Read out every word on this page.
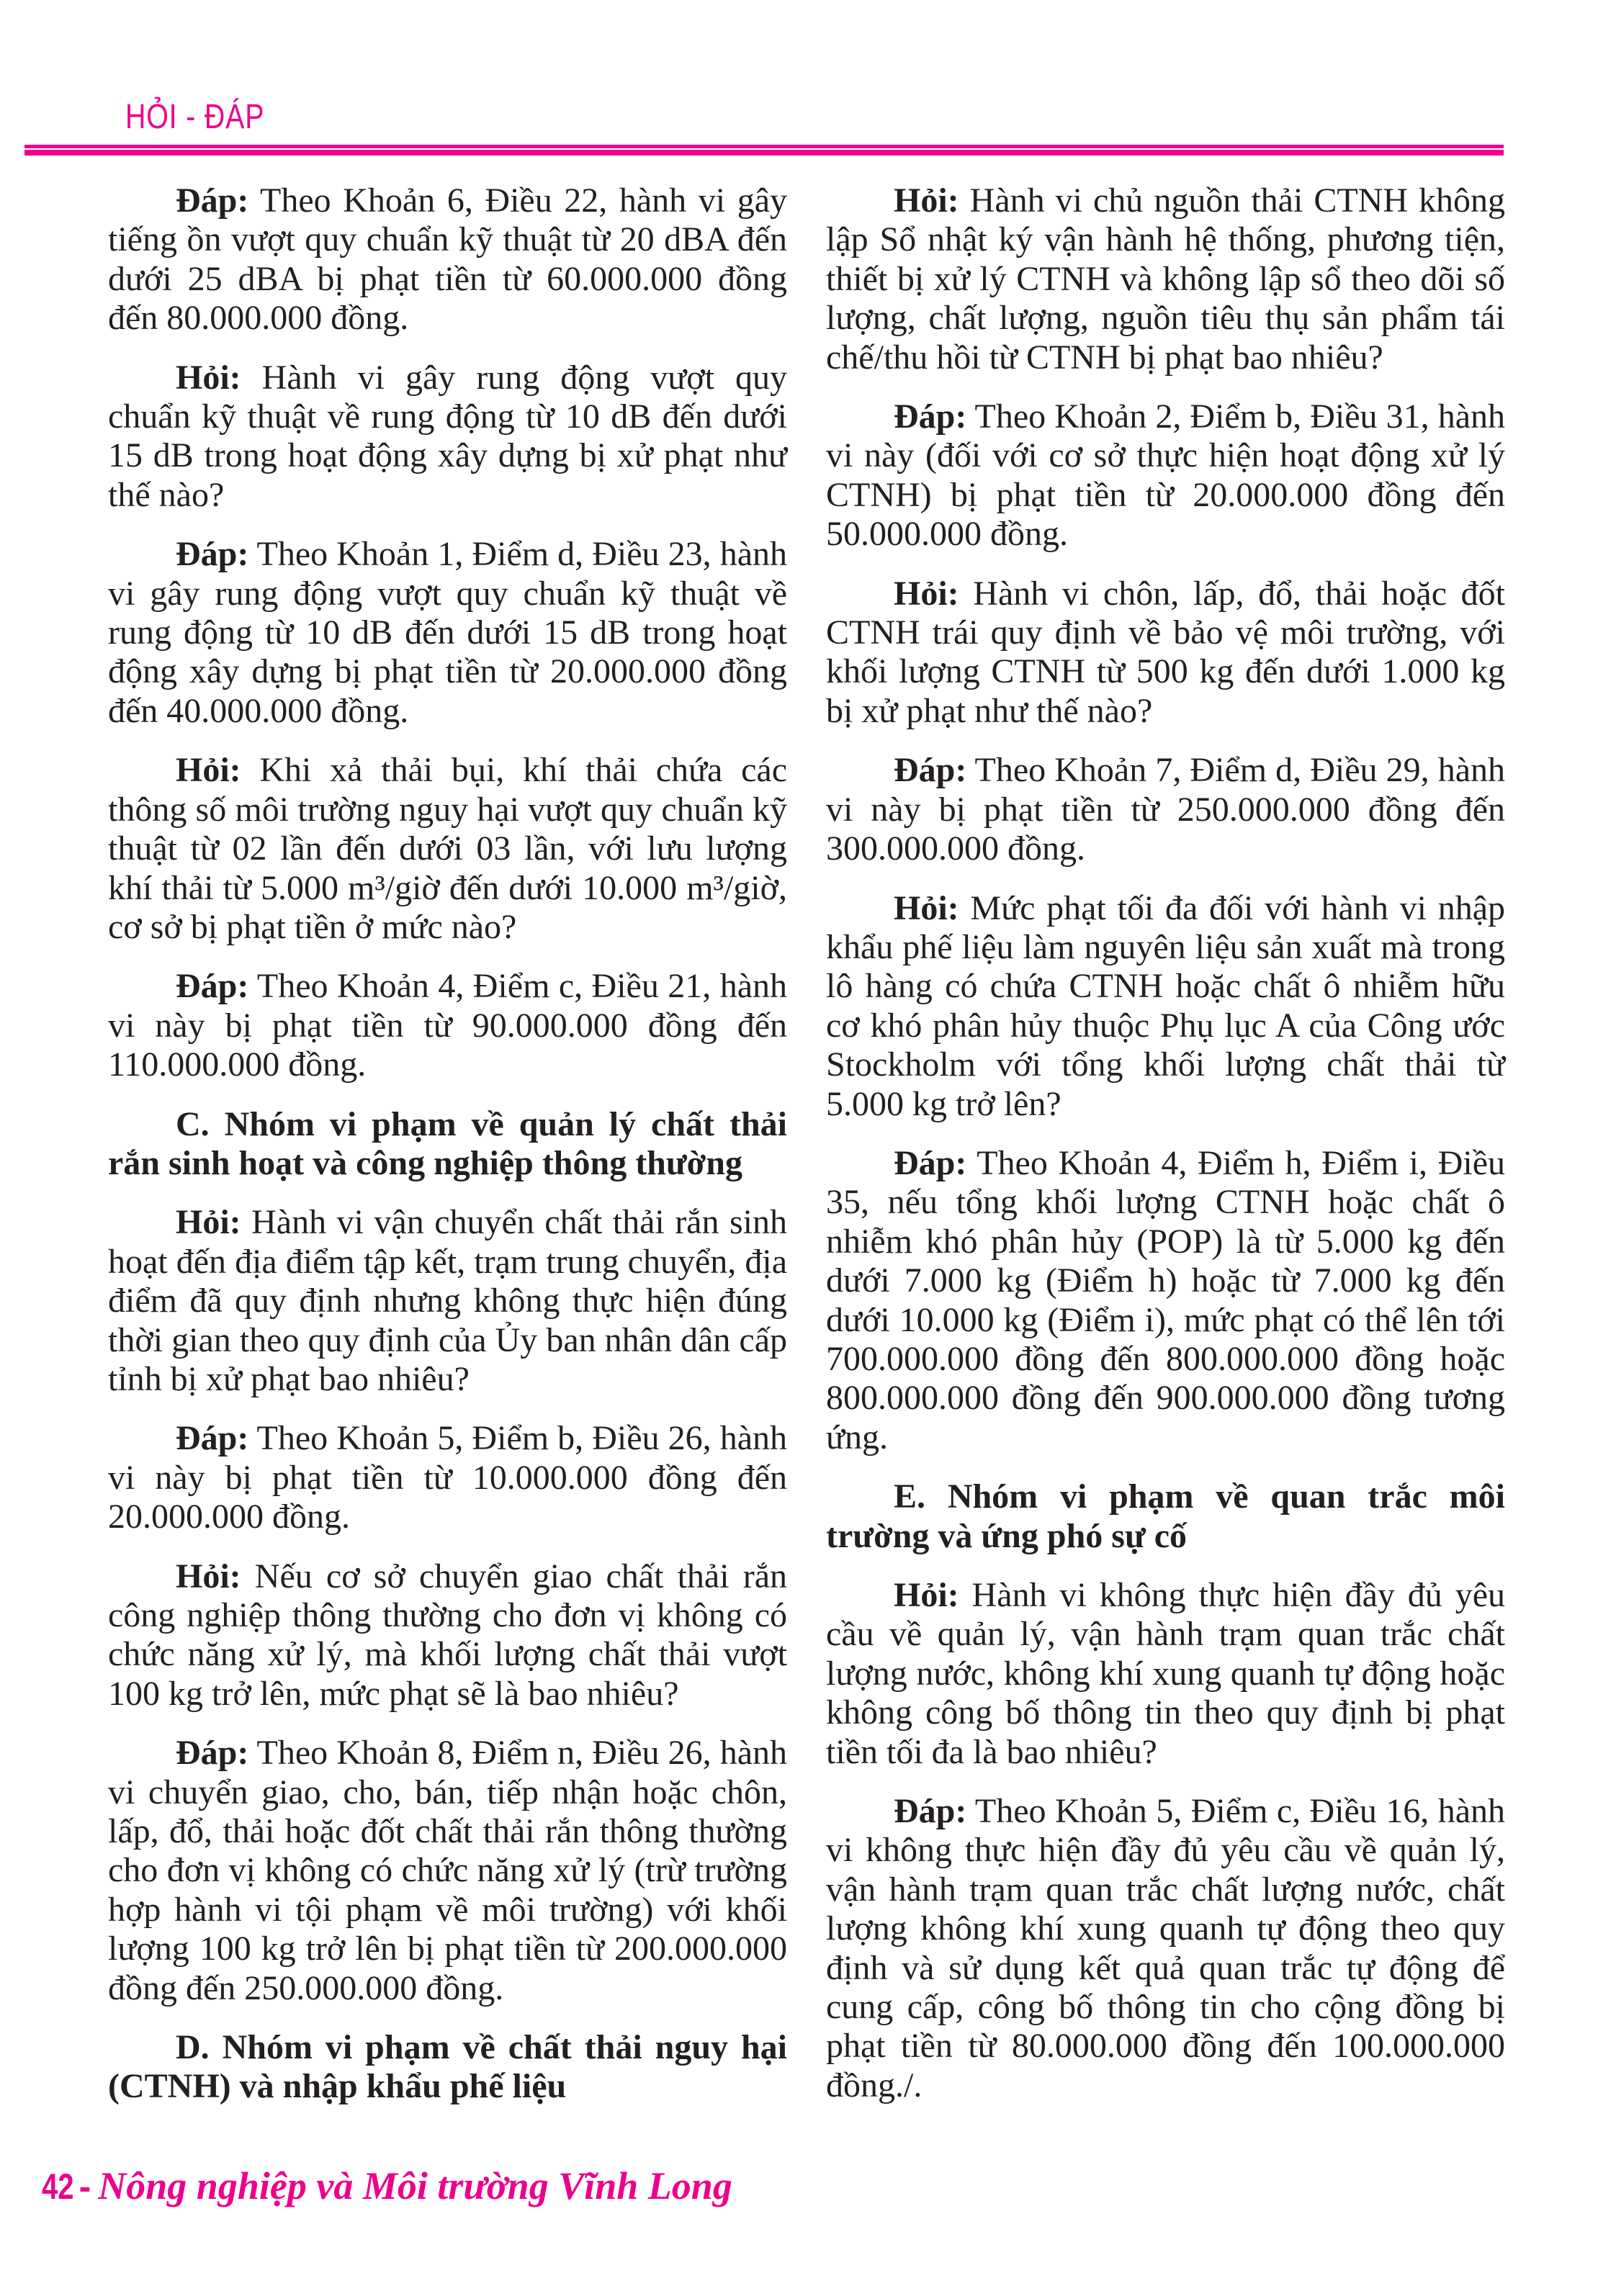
HỎI - ĐÁP

Đáp: Theo Khoản 6, Điều 22, hành vi gây tiếng ồn vượt quy chuẩn kỹ thuật từ 20 dBA đến dưới 25 dBA bị phạt tiền từ 60.000.000 đồng đến 80.000.000 đồng.

Hỏi: Hành vi gây rung động vượt quy chuẩn kỹ thuật về rung động từ 10 dB đến dưới 15 dB trong hoạt động xây dựng bị xử phạt như thế nào?

Đáp: Theo Khoản 1, Điểm d, Điều 23, hành vi gây rung động vượt quy chuẩn kỹ thuật về rung động từ 10 dB đến dưới 15 dB trong hoạt động xây dựng bị phạt tiền từ 20.000.000 đồng đến 40.000.000 đồng.

Hỏi: Khi xả thải bụi, khí thải chứa các thông số môi trường nguy hại vượt quy chuẩn kỹ thuật từ 02 lần đến dưới 03 lần, với lưu lượng khí thải từ 5.000 m³/giờ đến dưới 10.000 m³/giờ, cơ sở bị phạt tiền ở mức nào?

Đáp: Theo Khoản 4, Điểm c, Điều 21, hành vi này bị phạt tiền từ 90.000.000 đồng đến 110.000.000 đồng.

C. Nhóm vi phạm về quản lý chất thải rắn sinh hoạt và công nghiệp thông thường

Hỏi: Hành vi vận chuyển chất thải rắn sinh hoạt đến địa điểm tập kết, trạm trung chuyển, địa điểm đã quy định nhưng không thực hiện đúng thời gian theo quy định của Ủy ban nhân dân cấp tỉnh bị xử phạt bao nhiêu?

Đáp: Theo Khoản 5, Điểm b, Điều 26, hành vi này bị phạt tiền từ 10.000.000 đồng đến 20.000.000 đồng.

Hỏi: Nếu cơ sở chuyển giao chất thải rắn công nghiệp thông thường cho đơn vị không có chức năng xử lý, mà khối lượng chất thải vượt 100 kg trở lên, mức phạt sẽ là bao nhiêu?

Đáp: Theo Khoản 8, Điểm n, Điều 26, hành vi chuyển giao, cho, bán, tiếp nhận hoặc chôn, lấp, đổ, thải hoặc đốt chất thải rắn thông thường cho đơn vị không có chức năng xử lý (trừ trường hợp hành vi tội phạm về môi trường) với khối lượng 100 kg trở lên bị phạt tiền từ 200.000.000 đồng đến 250.000.000 đồng.

D. Nhóm vi phạm về chất thải nguy hại (CTNH) và nhập khẩu phế liệu

Hỏi: Hành vi chủ nguồn thải CTNH không lập Sổ nhật ký vận hành hệ thống, phương tiện, thiết bị xử lý CTNH và không lập sổ theo dõi số lượng, chất lượng, nguồn tiêu thụ sản phẩm tái chế/thu hồi từ CTNH bị phạt bao nhiêu?

Đáp: Theo Khoản 2, Điểm b, Điều 31, hành vi này (đối với cơ sở thực hiện hoạt động xử lý CTNH) bị phạt tiền từ 20.000.000 đồng đến 50.000.000 đồng.

Hỏi: Hành vi chôn, lấp, đổ, thải hoặc đốt CTNH trái quy định về bảo vệ môi trường, với khối lượng CTNH từ 500 kg đến dưới 1.000 kg bị xử phạt như thế nào?

Đáp: Theo Khoản 7, Điểm d, Điều 29, hành vi này bị phạt tiền từ 250.000.000 đồng đến 300.000.000 đồng.

Hỏi: Mức phạt tối đa đối với hành vi nhập khẩu phế liệu làm nguyên liệu sản xuất mà trong lô hàng có chứa CTNH hoặc chất ô nhiễm hữu cơ khó phân hủy thuộc Phụ lục A của Công ước Stockholm với tổng khối lượng chất thải từ 5.000 kg trở lên?

Đáp: Theo Khoản 4, Điểm h, Điểm i, Điều 35, nếu tổng khối lượng CTNH hoặc chất ô nhiễm khó phân hủy (POP) là từ 5.000 kg đến dưới 7.000 kg (Điểm h) hoặc từ 7.000 kg đến dưới 10.000 kg (Điểm i), mức phạt có thể lên tới 700.000.000 đồng đến 800.000.000 đồng hoặc 800.000.000 đồng đến 900.000.000 đồng tương ứng.

E. Nhóm vi phạm về quan trắc môi trường và ứng phó sự cố

Hỏi: Hành vi không thực hiện đầy đủ yêu cầu về quản lý, vận hành trạm quan trắc chất lượng nước, không khí xung quanh tự động hoặc không công bố thông tin theo quy định bị phạt tiền tối đa là bao nhiêu?

Đáp: Theo Khoản 5, Điểm c, Điều 16, hành vi không thực hiện đầy đủ yêu cầu về quản lý, vận hành trạm quan trắc chất lượng nước, chất lượng không khí xung quanh tự động theo quy định và sử dụng kết quả quan trắc tự động để cung cấp, công bố thông tin cho cộng đồng bị phạt tiền từ 80.000.000 đồng đến 100.000.000 đồng./.

42 - Nông nghiệp và Môi trường Vĩnh Long
